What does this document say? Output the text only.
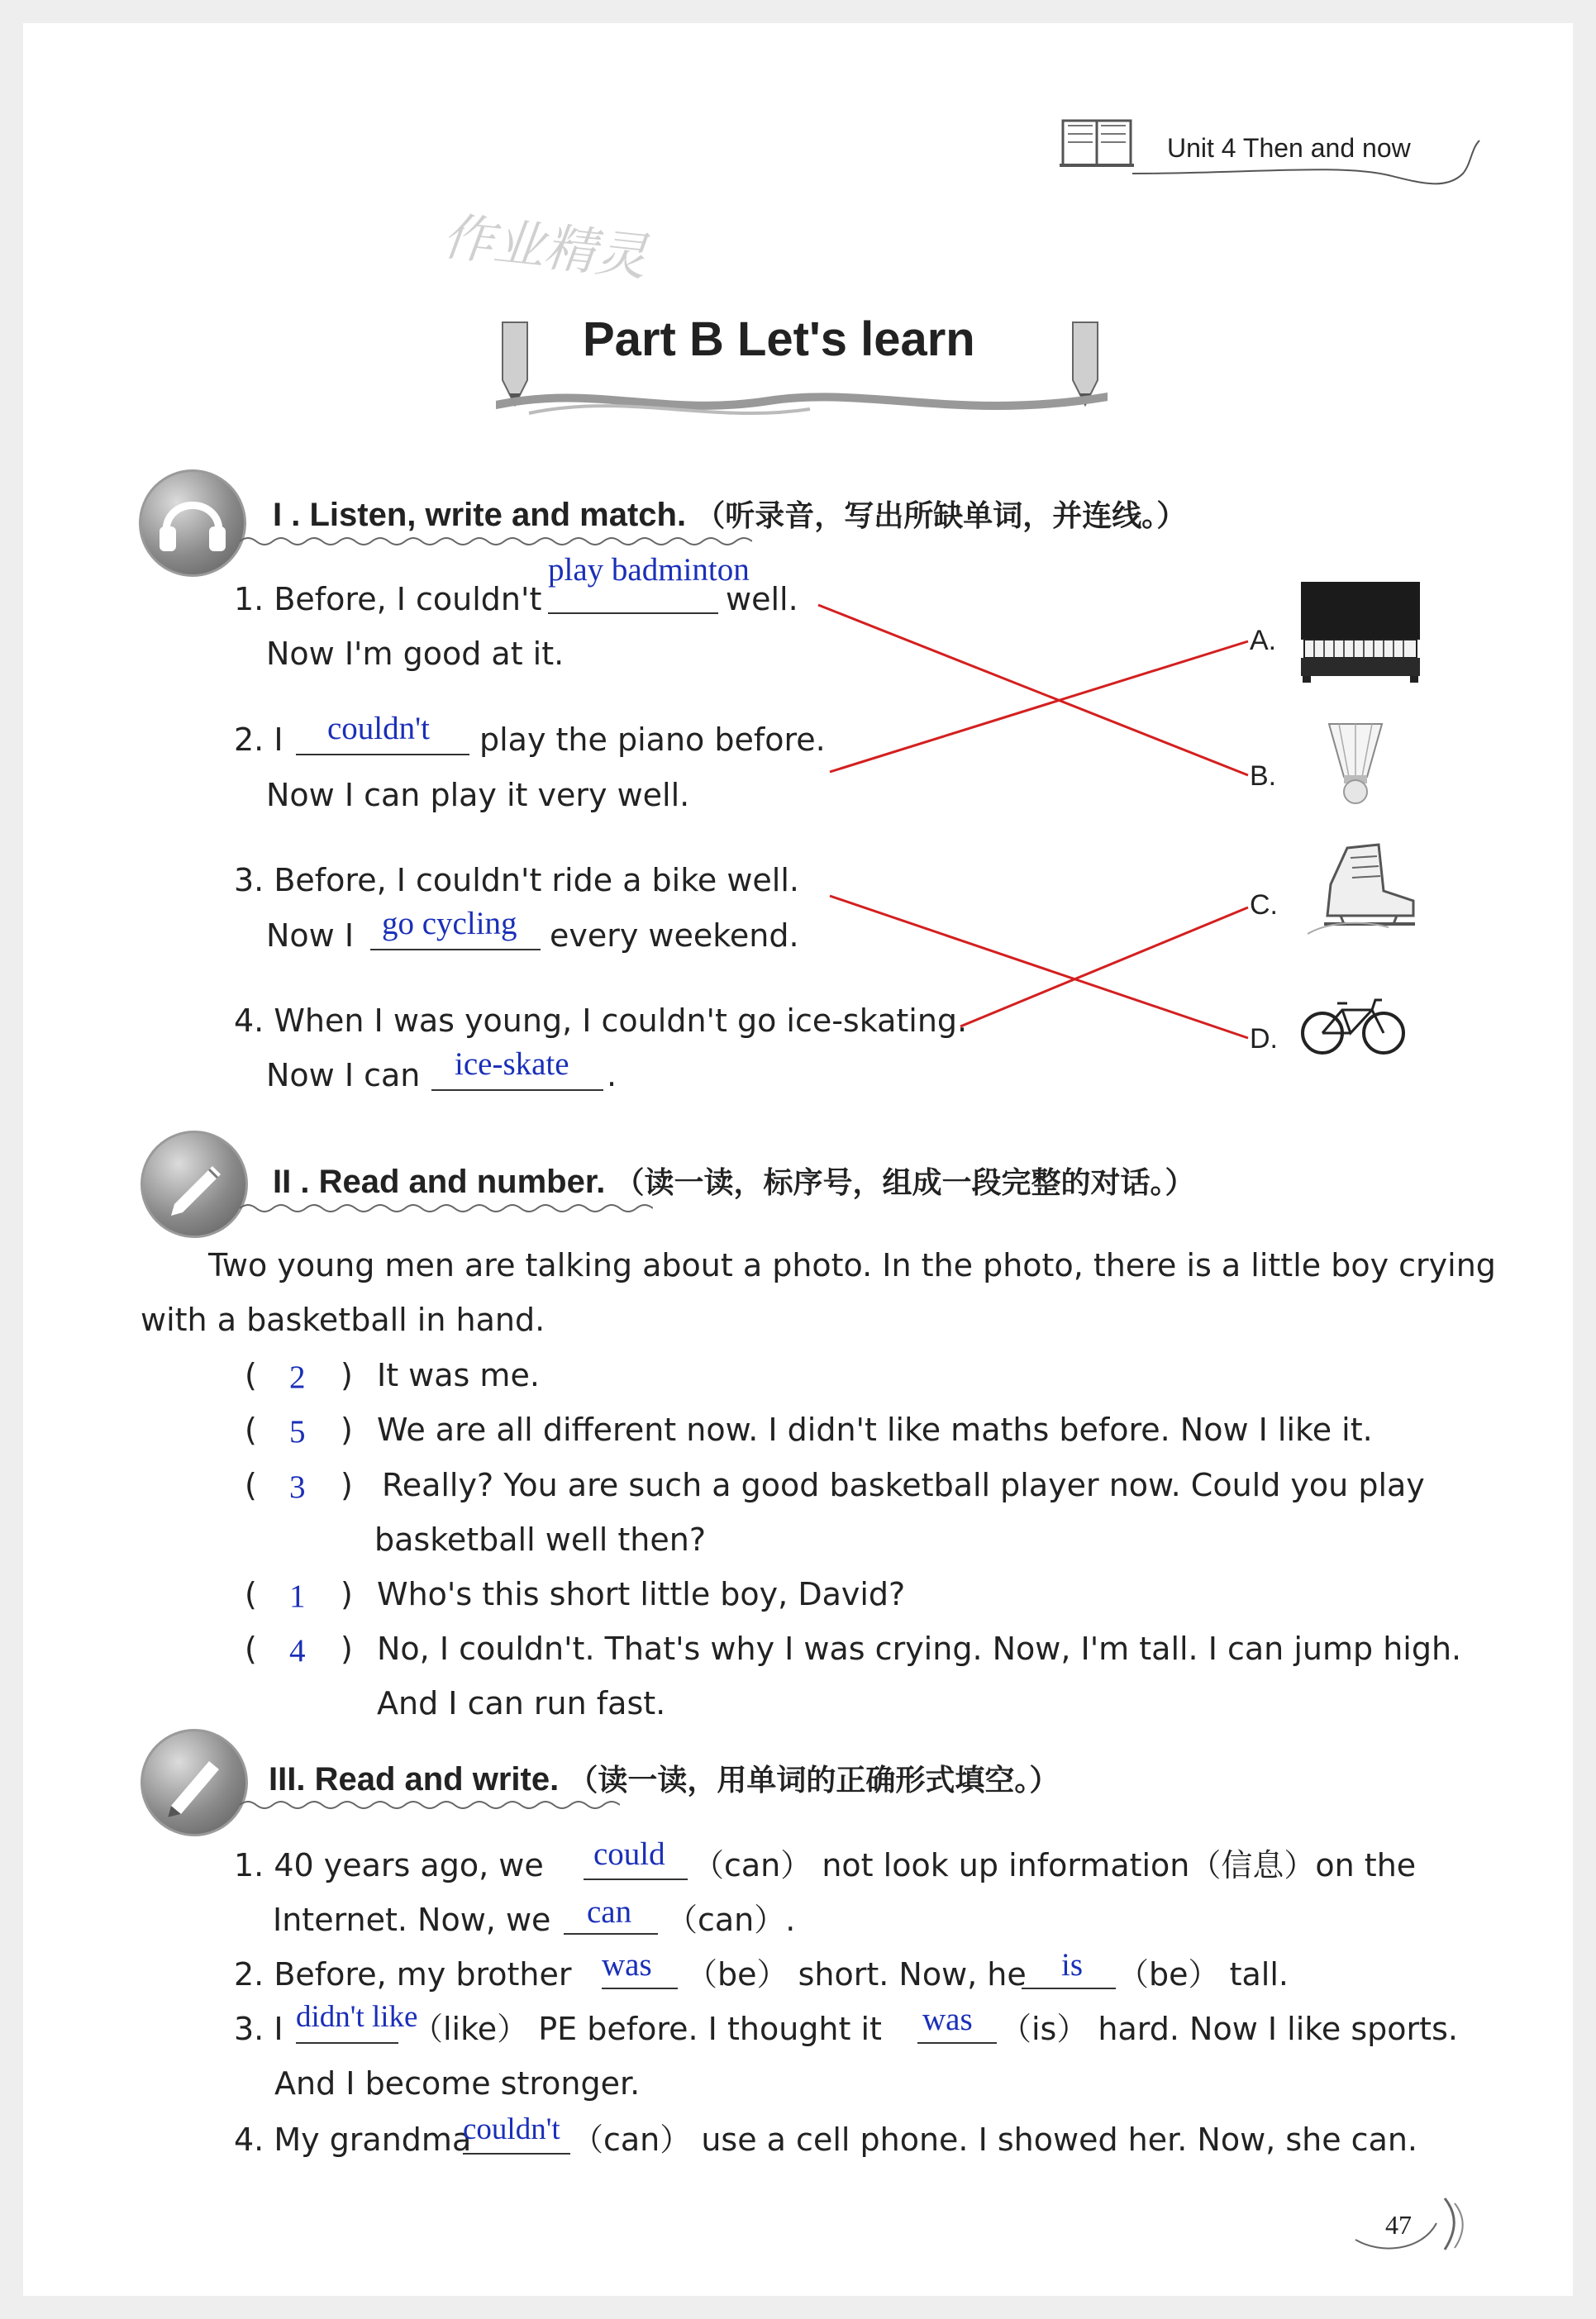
Unit 4 Then and now
作业精灵
Part B Let's learn
I . Listen, write and match. （听录音，写出所缺单词，并连线。）
1. Before, I couldn't
play badminton
well.
Now I'm good at it.
2. I couldn't play the piano before.
Now I can play it very well.
3. Before, I couldn't ride a bike well.
Now I go cycling every weekend.
4. When I was young, I couldn't go ice-skating.
Now I can ice-skate .
A.
B.
C.
D.
II . Read and number. （读一读，标序号，组成一段完整的对话。）
Two young men are talking about a photo. In the photo, there is a little boy crying
with a basketball in hand.
( 2 ) It was me.
( 5 ) We are all different now. I didn't like maths before. Now I like it.
( 3 ) Really? You are such a good basketball player now. Could you play
basketball well then?
( 1 ) Who's this short little boy, David?
( 4 ) No, I couldn't. That's why I was crying. Now, I'm tall. I can jump high.
And I can run fast.
III. Read and write. （读一读，用单词的正确形式填空。）
1. 40 years ago, we could （can） not look up information（信息）on the
Internet. Now, we can （can）.
2. Before, my brother was （be） short. Now, he is （be） tall.
3. I didn't like
（like） PE before. I thought it was （is） hard. Now I like sports.
And I become stronger.
4. My grandma
couldn't （can） use a cell phone. I showed her. Now, she can.
47
